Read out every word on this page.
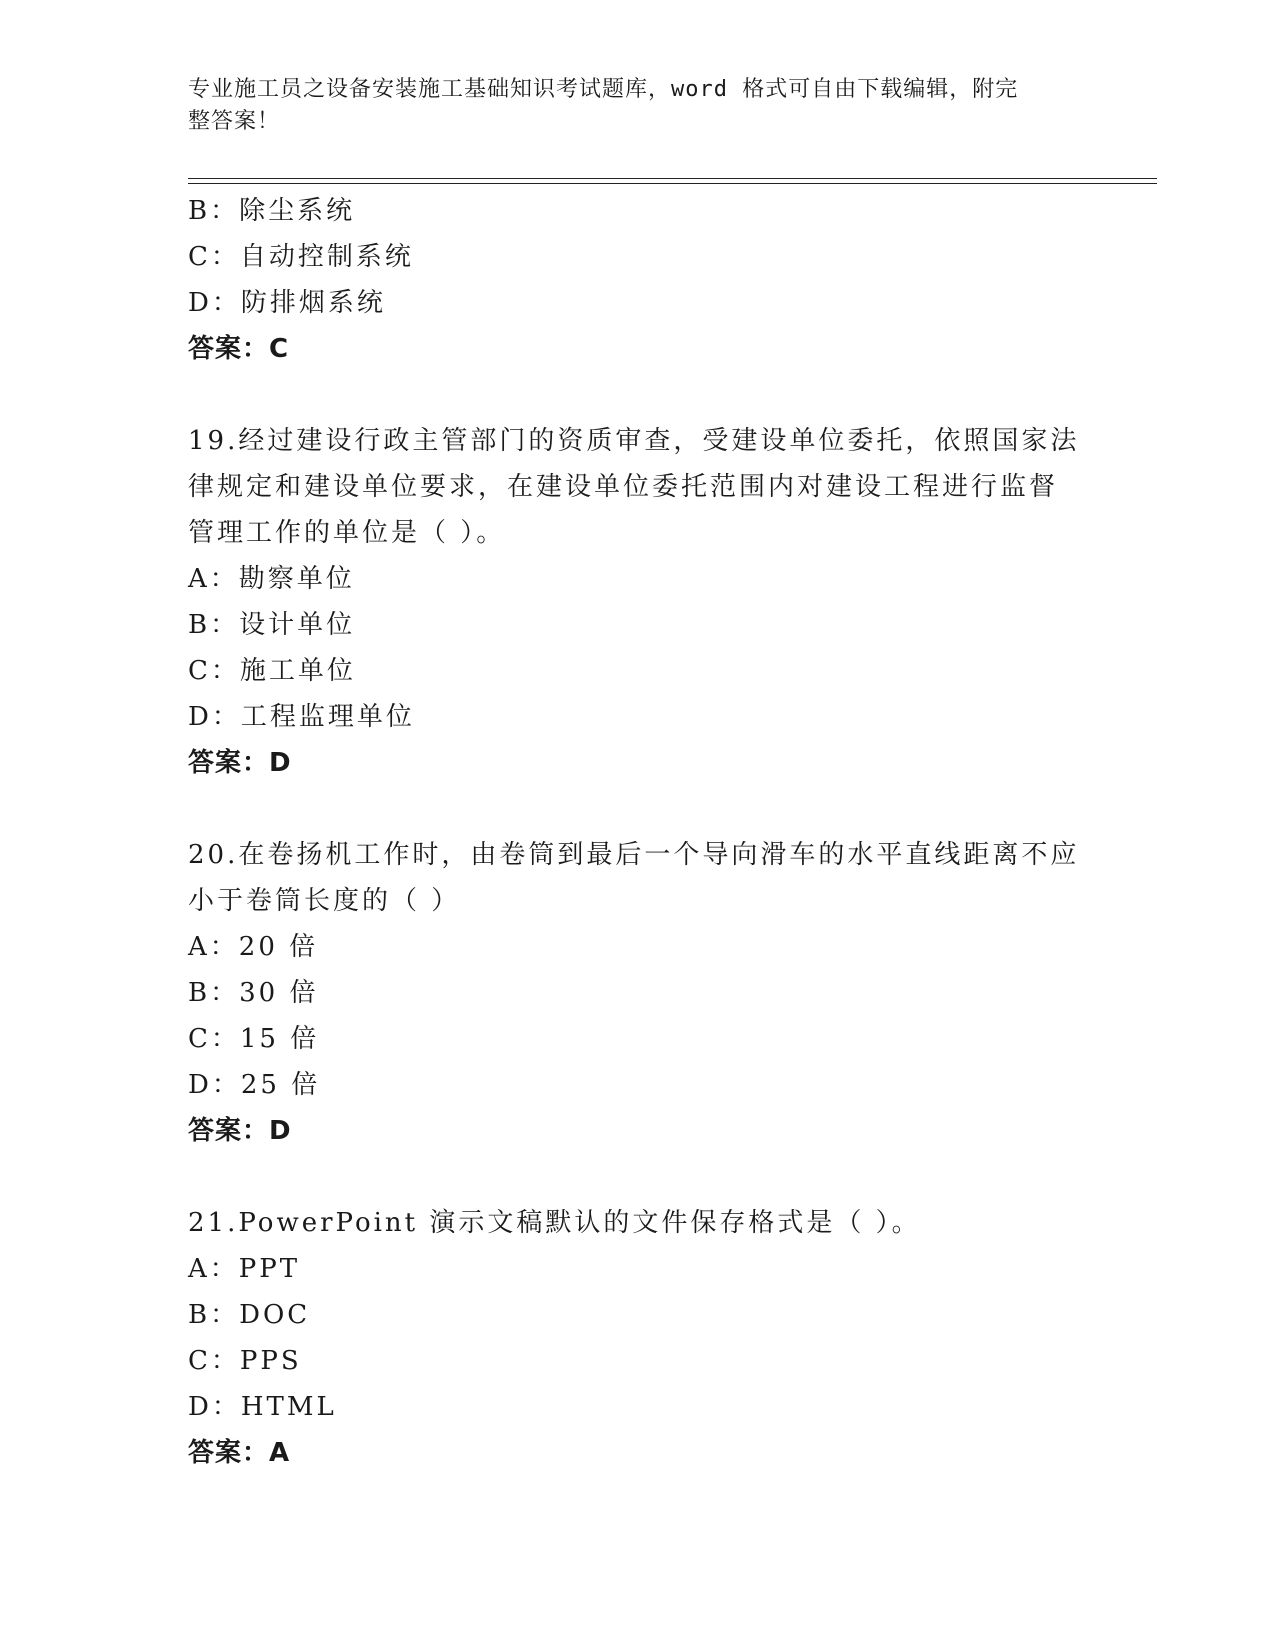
专业施工员之设备安装施工基础知识考试题库，word 格式可自由下载编辑，附完
整答案！
B：除尘系统
C：自动控制系统
D：防排烟系统
答案：C
19.经过建设行政主管部门的资质审查，受建设单位委托，依照国家法
律规定和建设单位要求，在建设单位委托范围内对建设工程进行监督
管理工作的单位是（ ）。
A：勘察单位
B：设计单位
C：施工单位
D：工程监理单位
答案：D
20.在卷扬机工作时，由卷筒到最后一个导向滑车的水平直线距离不应
小于卷筒长度的（ ）
A：20 倍
B：30 倍
C：15 倍
D：25 倍
答案：D
21.PowerPoint 演示文稿默认的文件保存格式是（ ）。
A：PPT
B：DOC
C：PPS
D：HTML
答案：A
